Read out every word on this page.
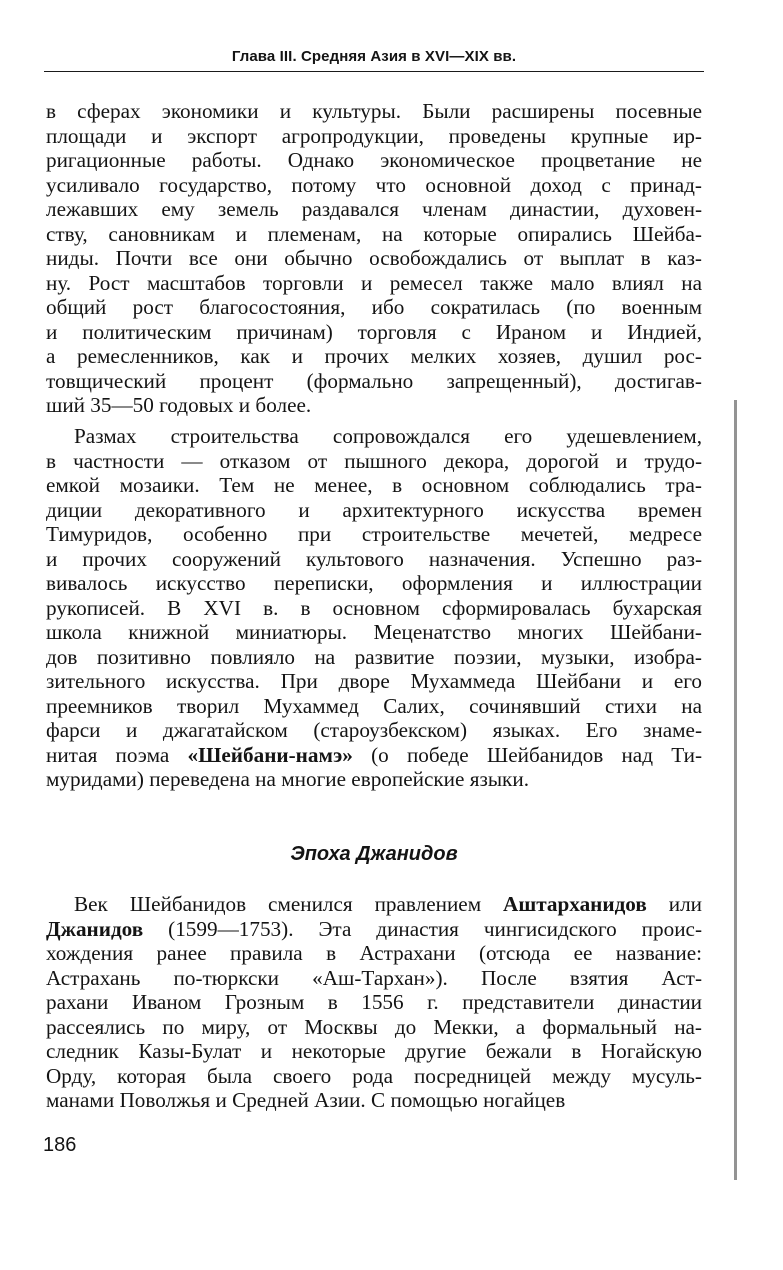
Глава III. Средняя Азия в XVI—XIX вв.
в сферах экономики и культуры. Были расширены посевные
площади и экспорт агропродукции, проведены крупные ир-
ригационные работы. Однако экономическое процветание не
усиливало государство, потому что основной доход с принад-
лежавших ему земель раздавался членам династии, духовен-
ству, сановникам и племенам, на которые опирались Шейба-
ниды. Почти все они обычно освобождались от выплат в каз-
ну. Рост масштабов торговли и ремесел также мало влиял на
общий рост благосостояния, ибо сократилась (по военным
и политическим причинам) торговля с Ираном и Индией,
а ремесленников, как и прочих мелких хозяев, душил рос-
товщический процент (формально запрещенный), достигав-
ший 35—50 годовых и более.
Размах строительства сопровождался его удешевлением,
в частности — отказом от пышного декора, дорогой и трудо-
емкой мозаики. Тем не менее, в основном соблюдались тра-
диции декоративного и архитектурного искусства времен
Тимуридов, особенно при строительстве мечетей, медресе
и прочих сооружений культового назначения. Успешно раз-
вивалось искусство переписки, оформления и иллюстрации
рукописей. В XVI в. в основном сформировалась бухарская
школа книжной миниатюры. Меценатство многих Шейбани-
дов позитивно повлияло на развитие поэзии, музыки, изобра-
зительного искусства. При дворе Мухаммеда Шейбани и его
преемников творил Мухаммед Салих, сочинявший стихи на
фарси и джагатайском (староузбекском) языках. Его знаме-
нитая поэма «Шейбани-намэ» (о победе Шейбанидов над Ти-
муридами) переведена на многие европейские языки.
Эпоха Джанидов
Век Шейбанидов сменился правлением Аштарханидов или
Джанидов (1599—1753). Эта династия чингисидского проис-
хождения ранее правила в Астрахани (отсюда ее название:
Астрахань по-тюркски «Аш-Тархан»). После взятия Аст-
рахани Иваном Грозным в 1556 г. представители династии
рассеялись по миру, от Москвы до Мекки, а формальный на-
следник Казы-Булат и некоторые другие бежали в Ногайскую
Орду, которая была своего рода посредницей между мусуль-
манами Поволжья и Средней Азии. С помощью ногайцев
186
